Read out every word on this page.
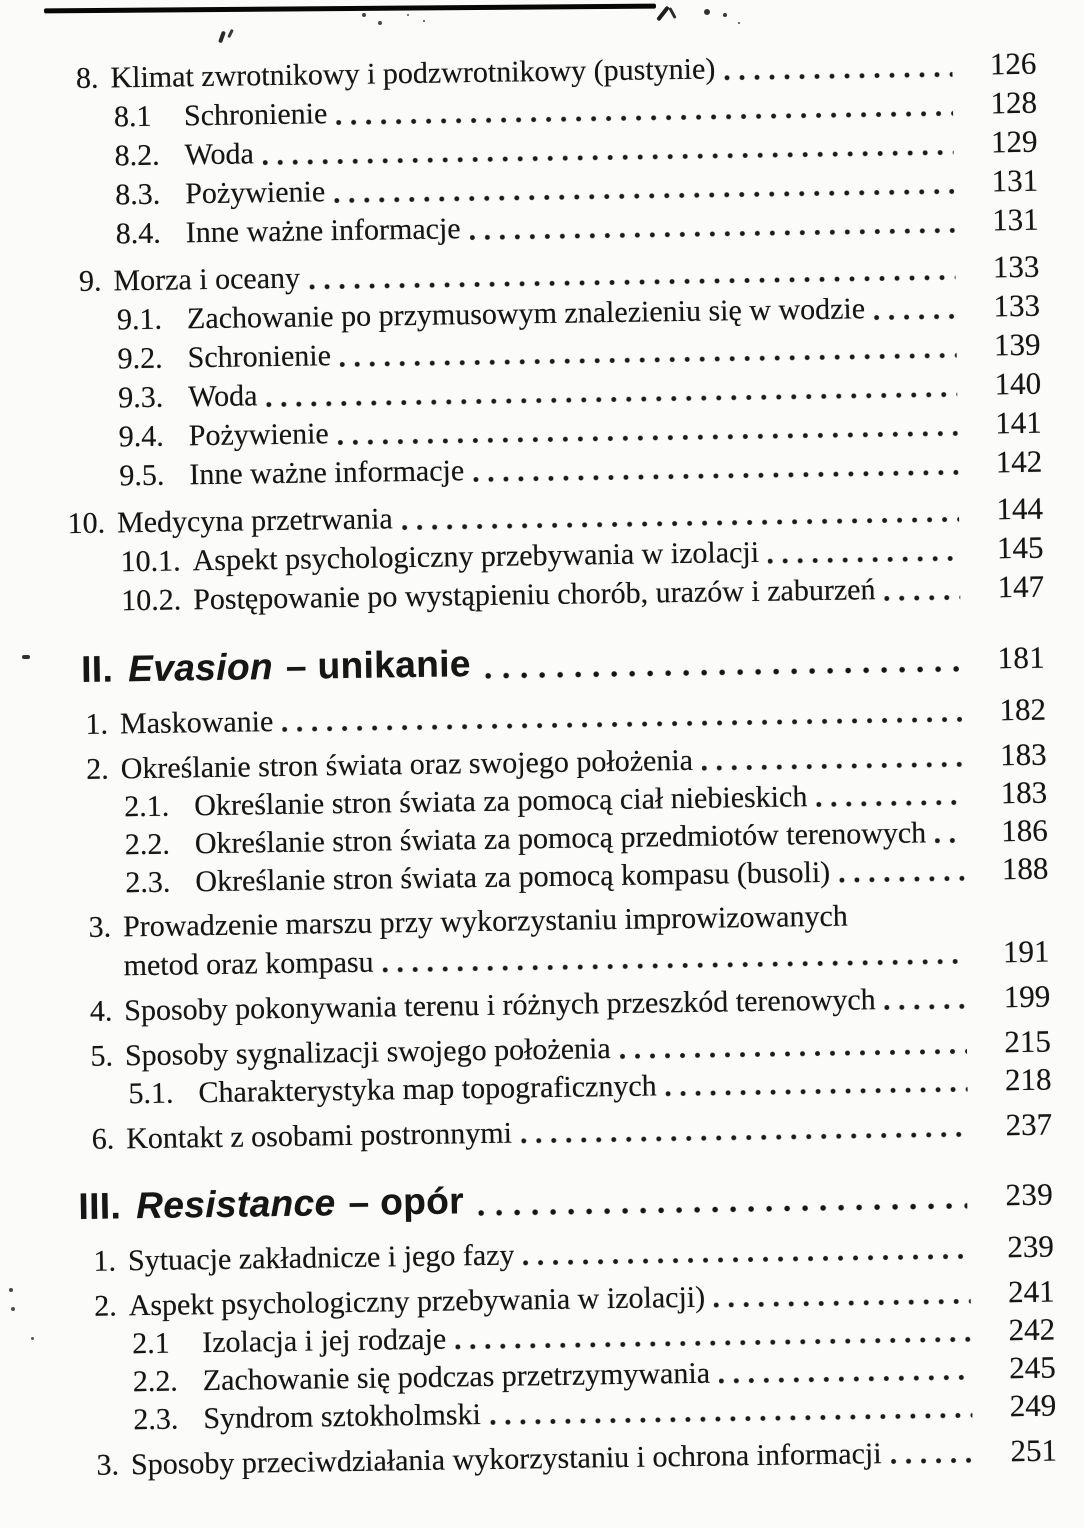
8. Klimat zwrotnikowy i podzwrotnikowy (pustynie)	126
8.1	Schronienie	128
8.2. Woda	129
8.3. Pożywienie	131
8.4. Inne ważne informacje	131
9. Morza i oceany	133
9.1. Zachowanie po przymusowym znalezieniu się w wodzie	133
9.2. Schronienie	139
9.3. Woda	140
9.4. Pożywienie	141
9.5. Inne ważne informacje	142
10. Medycyna przetrwania	144
10.1. Aspekt psychologiczny przebywania w izolacji	145
10.2. Postępowanie po wystąpieniu chorób, urazów i zaburzeń	147
II. Evasion – unikanie	181
1. Maskowanie	182
2. Określanie stron świata oraz swojego położenia	183
2.1. Określanie stron świata za pomocą ciał niebieskich	183
2.2. Określanie stron świata za pomocą przedmiotów terenowych	186
2.3. Określanie stron świata za pomocą kompasu (busoli)	188
3. Prowadzenie marszu przy wykorzystaniu improwizowanych
metod oraz kompasu	191
4. Sposoby pokonywania terenu i różnych przeszkód terenowych	199
5. Sposoby sygnalizacji swojego położenia	215
5.1. Charakterystyka map topograficznych	218
6. Kontakt z osobami postronnymi	237
III. Resistance – opór	239
1. Sytuacje zakładnicze i jego fazy	239
2. Aspekt psychologiczny przebywania w izolacji)	241
2.1	Izolacja i jej rodzaje	242
2.2. Zachowanie się podczas przetrzymywania	245
2.3. Syndrom sztokholmski	249
3. Sposoby przeciwdziałania wykorzystaniu i ochrona informacji	251
